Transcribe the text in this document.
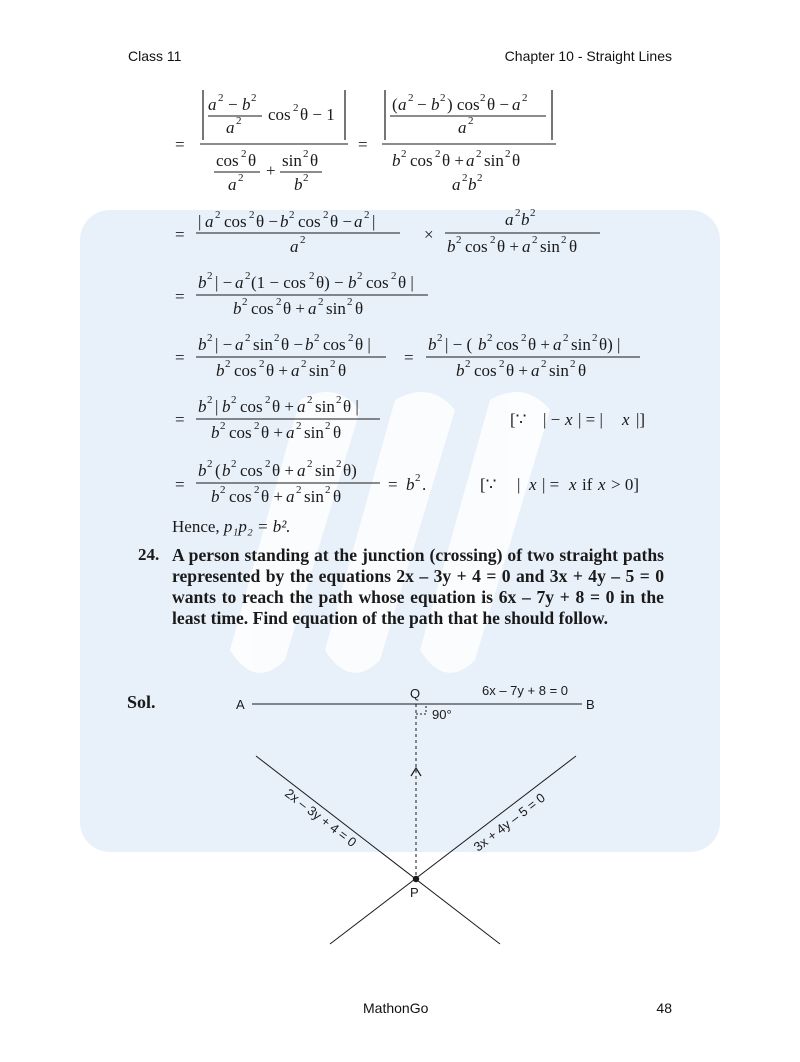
Class 11	Chapter 10 - Straight Lines
=
a 2 − b 2
a 2 cos 2 θ − 1
cos 2 θ
a 2 +
sin 2 θ
b 2
=
( a 2 − b 2 ) cos 2 θ − a 2
a 2
b 2 cos 2 θ + a 2 sin 2 θ
a 2 b 2
=
| a 2 cos 2 θ − b 2 cos 2 θ − a 2 |
a 2	×
a 2 b 2
b 2 cos 2 θ + a 2 sin 2 θ
=
b 2 | − a 2 (1 − cos 2 θ) − b 2 cos 2 θ |
b 2 cos 2 θ + a 2 sin 2 θ
=
b 2 | − a 2 sin 2 θ − b 2 cos 2 θ |
b 2 cos 2 θ + a 2 sin 2 θ
=
b 2 | − ( b 2 cos 2 θ + a 2 sin 2 θ) |
b 2 cos 2 θ + a 2 sin 2 θ
=
b 2 | b 2 cos 2 θ + a 2 sin 2 θ |
b 2 cos 2 θ + a 2 sin 2 θ
[∵ | − x | = | x |]
=
b 2 ( b 2 cos 2 θ + a 2 sin 2 θ)
b 2 cos 2 θ + a 2 sin 2 θ
= b 2 .	[∵ | x | = x if x > 0]
Hence, p₁p₂ = b².
24. A person standing at the junction (crossing) of two straight paths represented by the equations 2x – 3y + 4 = 0 and 3x + 4y – 5 = 0 wants to reach the path whose equation is 6x – 7y + 8 = 0 in the least time. Find equation of the path that he should follow.
Sol.	A	B
Q	6x – 7y + 8 = 0
90°
P
2x – 3y + 4 = 0	3x + 4y – 5 = 0
MathonGo	48
